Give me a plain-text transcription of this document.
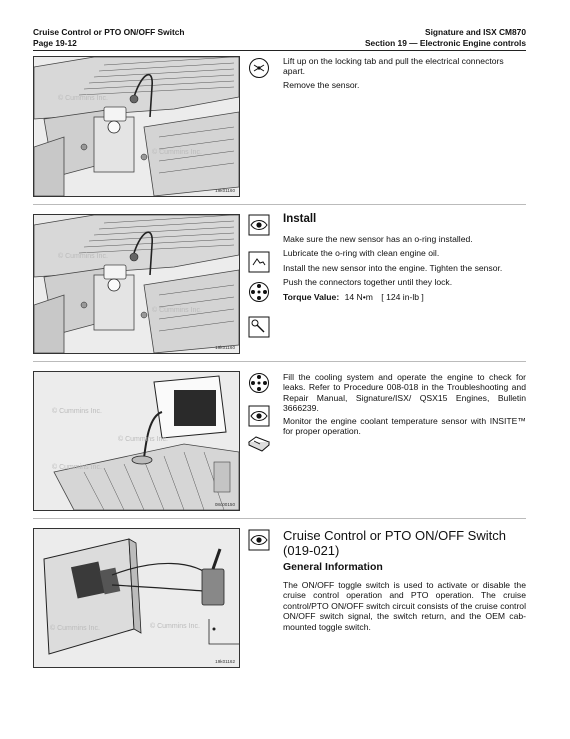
Cruise Control or PTO ON/OFF Switch
Page 19-12
Signature and ISX CM870
Section 19 — Electronic Engine controls
© Cummins Inc.
© Cummins Inc.
19k01160

Lift up on the locking tab and pull the electrical connectors apart.

Remove the sensor.

© Cummins Inc.
© Cummins Inc.
19k01160
Install

Make sure the new sensor has an o-ring installed.

Lubricate the o-ring with clean engine oil.

Install the new sensor into the engine. Tighten the sensor.

Push the connectors together until they lock.

Torque Value: 14 N•m [ 124 in-lb ]

© Cummins Inc.
© Cummins Inc.
© Cummins Inc.
08c00150

Fill the cooling system and operate the engine to check for leaks. Refer to Procedure 008-018 in the Troubleshooting and Repair Manual, Signature/ISX/ QSX15 Engines, Bulletin 3666239.

Monitor the engine coolant temperature sensor with INSITE™ for proper operation.

© Cummins Inc.	© Cummins Inc.
19k01162
Cruise Control or PTO ON/OFF Switch (019-021)
General Information
The ON/OFF toggle switch is used to activate or disable the cruise control operation and PTO operation. The cruise control/PTO ON/OFF switch circuit consists of the cruise control ON/OFF switch signal, the switch return, and the OEM cab-mounted toggle switch.
